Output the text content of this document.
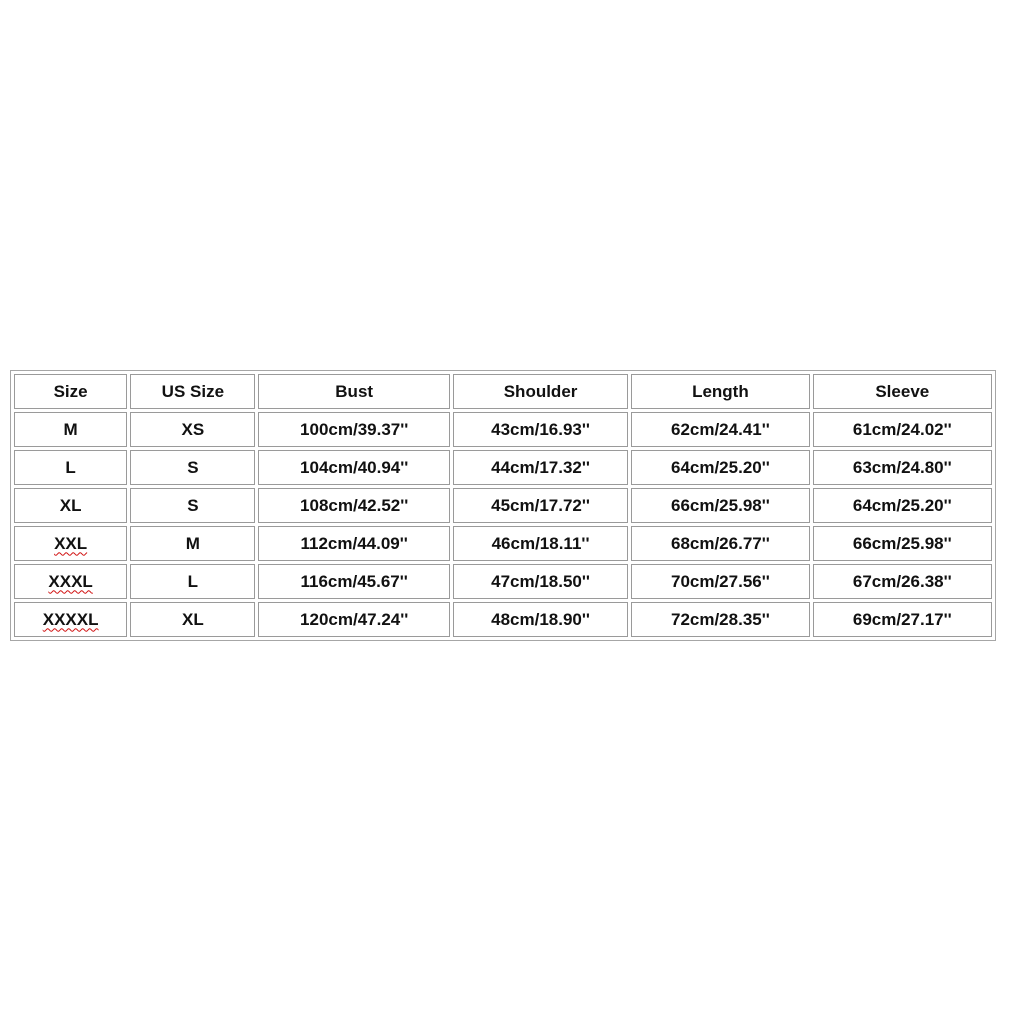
Size	US Size	Bust	Shoulder	Length	Sleeve
M	XS	100cm/39.37''	43cm/16.93''	62cm/24.41''	61cm/24.02''
L	S	104cm/40.94''	44cm/17.32''	64cm/25.20''	63cm/24.80''
XL	S	108cm/42.52''	45cm/17.72''	66cm/25.98''	64cm/25.20''
XXL	M	112cm/44.09''	46cm/18.11''	68cm/26.77''	66cm/25.98''
XXXL	L	116cm/45.67''	47cm/18.50''	70cm/27.56''	67cm/26.38''
XXXXL	XL	120cm/47.24''	48cm/18.90''	72cm/28.35''	69cm/27.17''
